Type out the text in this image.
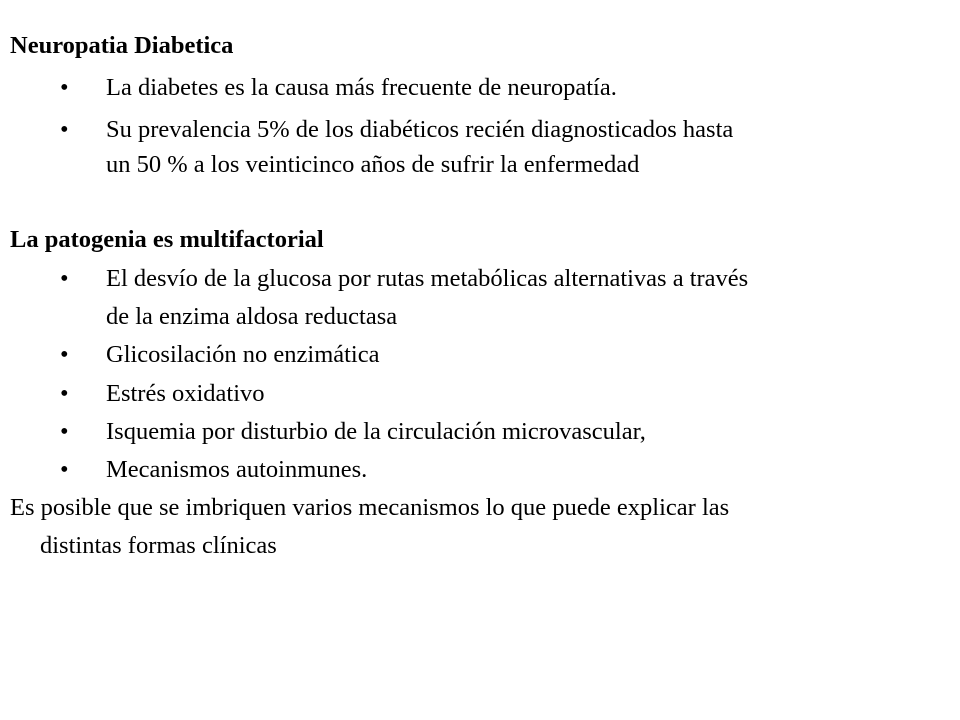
Neuropatia Diabetica
• La diabetes es la causa más frecuente de neuropatía.
• Su prevalencia 5% de los diabéticos recién diagnosticados hasta
un 50 % a los veinticinco años de sufrir la enfermedad
La patogenia es multifactorial
• El desvío de la glucosa por rutas metabólicas alternativas a través
de la enzima aldosa reductasa
• Glicosilación no enzimática
• Estrés oxidativo
• Isquemia por disturbio de la circulación microvascular,
• Mecanismos autoinmunes.
Es posible que se imbriquen varios mecanismos lo que puede explicar las
distintas formas clínicas
